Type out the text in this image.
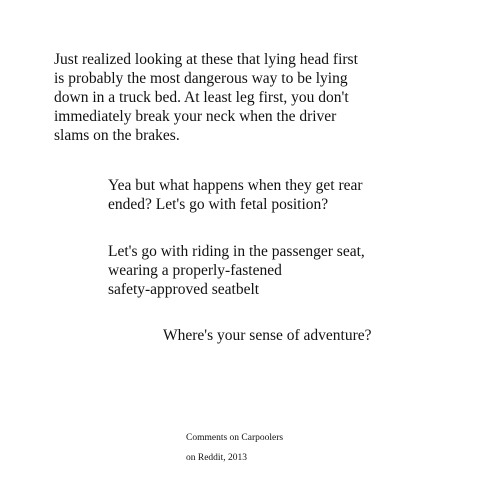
Just realized looking at these that lying head first
is probably the most dangerous way to be lying
down in a truck bed. At least leg first, you don't
immediately break your neck when the driver
slams on the brakes.

Yea but what happens when they get rear
ended? Let's go with fetal position?

Let's go with riding in the passenger seat,
wearing a properly-fastened
safety-approved seatbelt

Where's your sense of adventure?

Comments on Carpoolers

on Reddit, 2013
